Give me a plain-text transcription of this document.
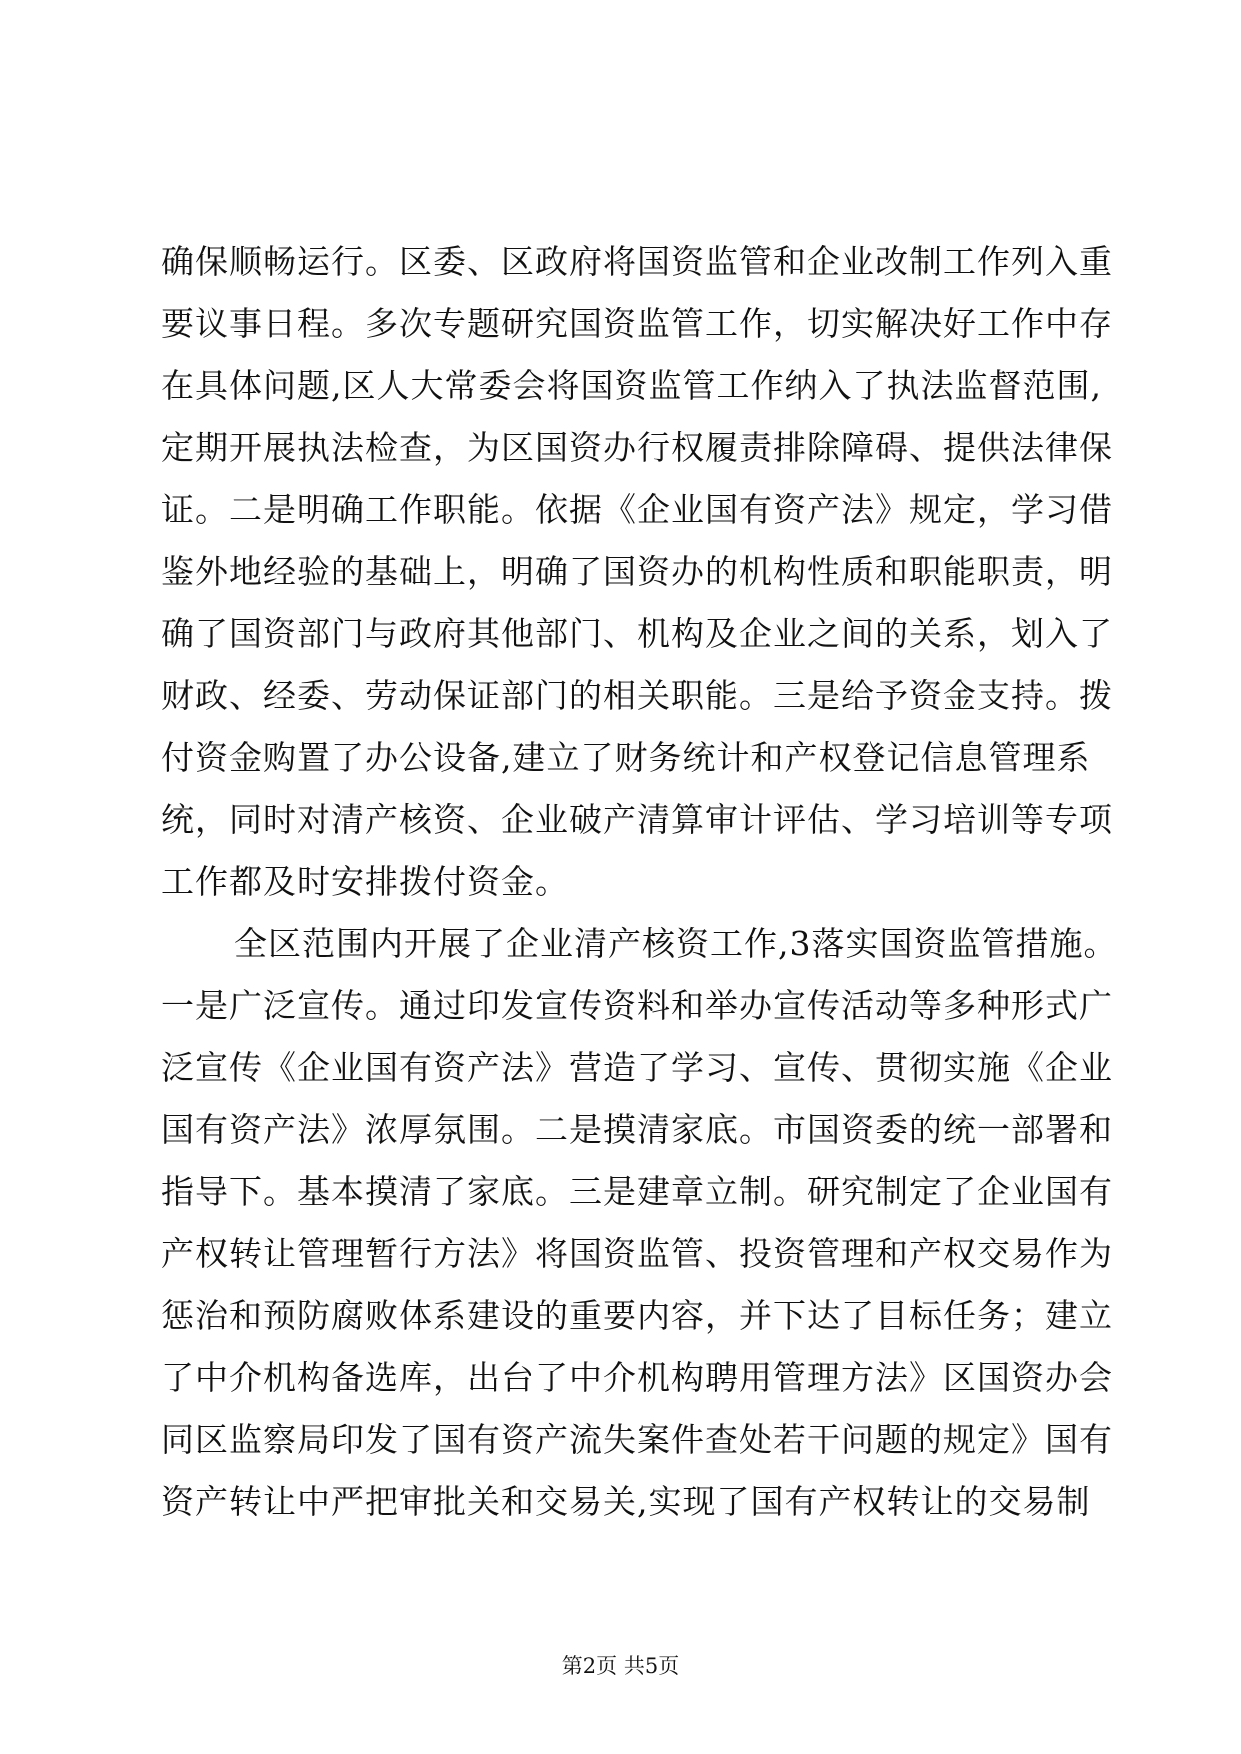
确保顺畅运行。区委、区政府将国资监管和企业改制工作列入重
要议事日程。多次专题研究国资监管工作，切实解决好工作中存
在具体问题,区人大常委会将国资监管工作纳入了执法监督范围,
定期开展执法检查，为区国资办行权履责排除障碍、提供法律保
证。二是明确工作职能。依据《企业国有资产法》规定，学习借
鉴外地经验的基础上，明确了国资办的机构性质和职能职责，明
确了国资部门与政府其他部门、机构及企业之间的关系，划入了
财政、经委、劳动保证部门的相关职能。三是给予资金支持。拨
付资金购置了办公设备,建立了财务统计和产权登记信息管理系
统，同时对清产核资、企业破产清算审计评估、学习培训等专项
工作都及时安排拨付资金。
全区范围内开展了企业清产核资工作,3落实国资监管措施。
一是广泛宣传。通过印发宣传资料和举办宣传活动等多种形式广
泛宣传《企业国有资产法》营造了学习、宣传、贯彻实施《企业
国有资产法》浓厚氛围。二是摸清家底。市国资委的统一部署和
指导下。基本摸清了家底。三是建章立制。研究制定了企业国有
产权转让管理暂行方法》将国资监管、投资管理和产权交易作为
惩治和预防腐败体系建设的重要内容，并下达了目标任务；建立
了中介机构备选库，出台了中介机构聘用管理方法》区国资办会
同区监察局印发了国有资产流失案件查处若干问题的规定》国有
资产转让中严把审批关和交易关,实现了国有产权转让的交易制
第2页 共5页
